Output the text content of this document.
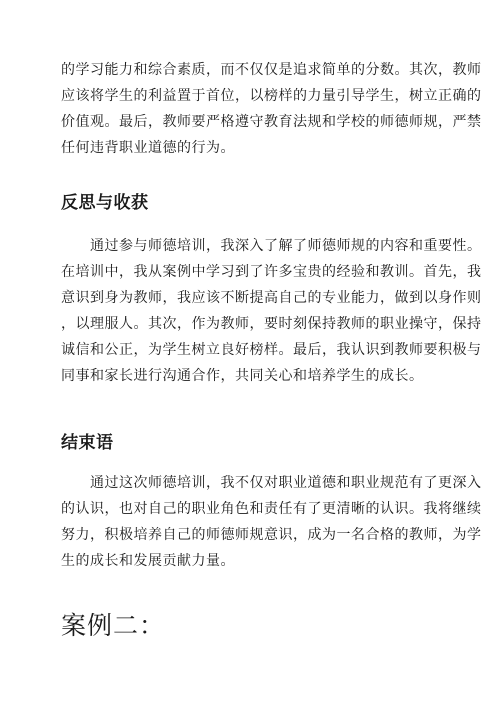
的学习能力和综合素质，而不仅仅是追求简单的分数。其次，教师
应该将学生的利益置于首位，以榜样的力量引导学生，树立正确的
价值观。最后，教师要严格遵守教育法规和学校的师德师规，严禁
任何违背职业道德的行为。
反思与收获
　　通过参与师德培训，我深入了解了师德师规的内容和重要性。
在培训中，我从案例中学习到了许多宝贵的经验和教训。首先，我
意识到身为教师，我应该不断提高自己的专业能力，做到以身作则
，以理服人。其次，作为教师，要时刻保持教师的职业操守，保持
诚信和公正，为学生树立良好榜样。最后，我认识到教师要积极与
同事和家长进行沟通合作，共同关心和培养学生的成长。
结束语
　　通过这次师德培训，我不仅对职业道德和职业规范有了更深入
的认识，也对自己的职业角色和责任有了更清晰的认识。我将继续
努力，积极培养自己的师德师规意识，成为一名合格的教师，为学
生的成长和发展贡献力量。
案例二：
